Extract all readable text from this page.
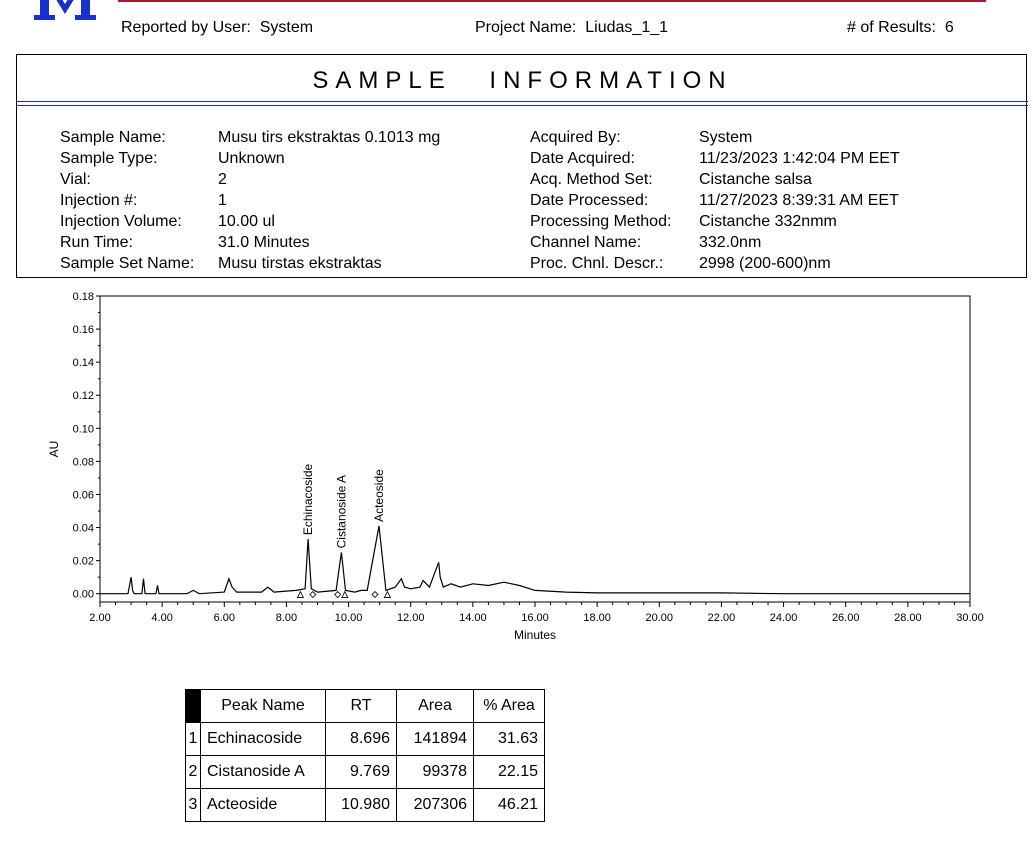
Reported by User: System	Project Name: Liudas_1_1	# of Results: 6
SAMPLE INFORMATION
Sample Name:	Musu tirs ekstraktas 0.1013 mg
Sample Type:	Unknown
Vial:	2
Injection #:	1
Injection Volume:	10.00 ul
Run Time:	31.0 Minutes
Sample Set Name:	Musu tirstas ekstraktas
Acquired By:	System
Date Acquired:	11/23/2023 1:42:04 PM EET
Acq. Method Set:	Cistanche salsa
Date Processed:	11/27/2023 8:39:31 AM EET
Processing Method:	Cistanche 332nmm
Channel Name:	332.0nm
Proc. Chnl. Descr.:	2998 (200-600)nm
0.00
0.02
0.04
0.06
0.08
0.10
0.12
0.14
0.16
0.18
2.00	4.00	6.00	8.00	10.00	12.00	14.00	16.00	18.00	20.00	22.00	24.00	26.00	28.00	30.00
Minutes
AU
Echinacoside Cistanoside A Acteoside
	Peak Name	RT	Area	% Area
1	Echinacoside	8.696	141894	31.63
2	Cistanoside A	9.769	99378	22.15
3	Acteoside	10.980	207306	46.21
